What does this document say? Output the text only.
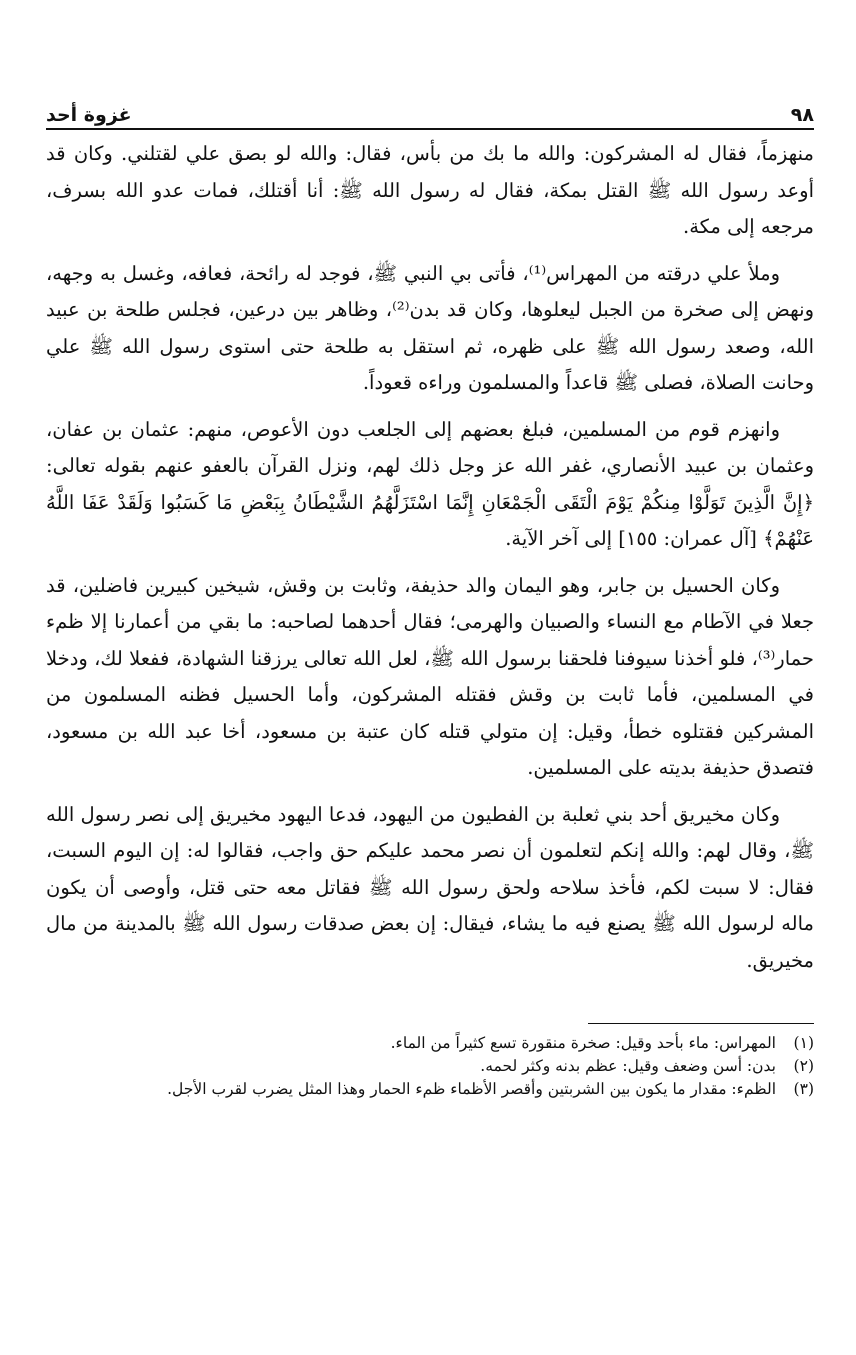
٩٨
غزوة أحد

منهزماً، فقال له المشركون: والله ما بك من بأس، فقال: والله لو بصق علي لقتلني. وكان قد أوعد رسول الله ﷺ القتل بمكة، فقال له رسول الله ﷺ: أنا أقتلك، فمات عدو الله بسرف، مرجعه إلى مكة.

وملأ علي درقته من المهراس⁽¹⁾، فأتى بي النبي ﷺ، فوجد له رائحة، فعافه، وغسل به وجهه، ونهض إلى صخرة من الجبل ليعلوها، وكان قد بدن⁽²⁾، وظاهر بين درعين، فجلس طلحة بن عبيد الله، وصعد رسول الله ﷺ على ظهره، ثم استقل به طلحة حتى استوى رسول الله ﷺ علي وحانت الصلاة، فصلى ﷺ قاعداً والمسلمون وراءه قعوداً.

وانهزم قوم من المسلمين، فبلغ بعضهم إلى الجلعب دون الأعوص، منهم: عثمان بن عفان، وعثمان بن عبيد الأنصاري، غفر الله عز وجل ذلك لهم، ونزل القرآن بالعفو عنهم بقوله تعالى: ﴿إِنَّ الَّذِينَ تَوَلَّوْا مِنكُمْ يَوْمَ الْتَقَى الْجَمْعَانِ إِنَّمَا اسْتَزَلَّهُمُ الشَّيْطَانُ بِبَعْضِ مَا كَسَبُوا وَلَقَدْ عَفَا اللَّهُ عَنْهُمْ﴾ [آل عمران: ١٥٥] إلى آخر الآية.

وكان الحسيل بن جابر، وهو اليمان والد حذيفة، وثابت بن وقش، شيخين كبيرين فاضلين، قد جعلا في الآطام مع النساء والصبيان والهرمى؛ فقال أحدهما لصاحبه: ما بقي من أعمارنا إلا ظمء حمار⁽³⁾، فلو أخذنا سيوفنا فلحقنا برسول الله ﷺ، لعل الله تعالى يرزقنا الشهادة، ففعلا لك، ودخلا في المسلمين، فأما ثابت بن وقش فقتله المشركون، وأما الحسيل فظنه المسلمون من المشركين فقتلوه خطأ، وقيل: إن متولي قتله كان عتبة بن مسعود، أخا عبد الله بن مسعود، فتصدق حذيفة بديته على المسلمين.

وكان مخيريق أحد بني ثعلبة بن الفطيون من اليهود، فدعا اليهود مخيريق إلى نصر رسول الله ﷺ، وقال لهم: والله إنكم لتعلمون أن نصر محمد عليكم حق واجب، فقالوا له: إن اليوم السبت، فقال: لا سبت لكم، فأخذ سلاحه ولحق رسول الله ﷺ فقاتل معه حتى قتل، وأوصى أن يكون ماله لرسول الله ﷺ يصنع فيه ما يشاء، فيقال: إن بعض صدقات رسول الله ﷺ بالمدينة من مال مخيريق.

(١)
المهراس: ماء بأحد وقيل: صخرة منقورة تسع كثيراً من الماء.
(٢)
بدن: أسن وضعف وقيل: عظم بدنه وكثر لحمه.
(٣)
الظمء: مقدار ما يكون بين الشربتين وأقصر الأظماء ظمء الحمار وهذا المثل يضرب لقرب الأجل.
